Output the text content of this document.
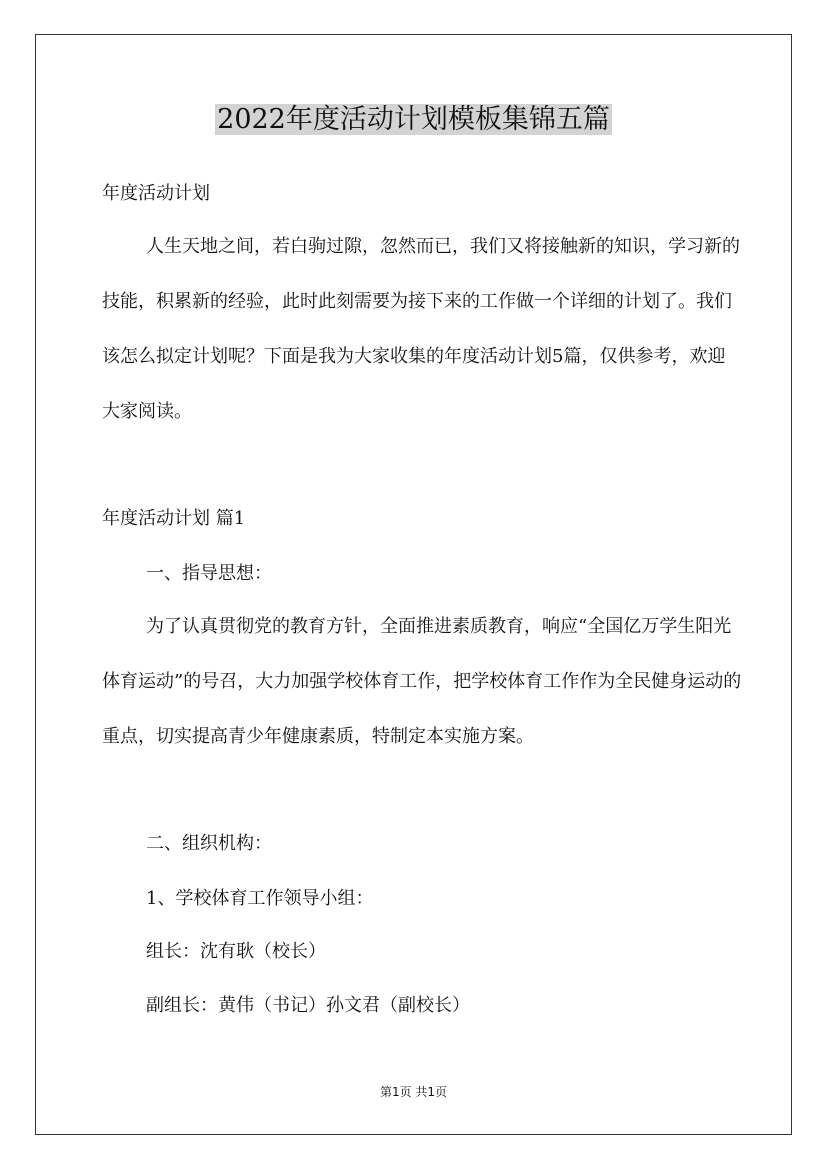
2022年度活动计划模板集锦五篇

年度活动计划

人生天地之间，若白驹过隙，忽然而已，我们又将接触新的知识，学习新的技能，积累新的经验，此时此刻需要为接下来的工作做一个详细的计划了。我们该怎么拟定计划呢？下面是我为大家收集的年度活动计划5篇，仅供参考，欢迎大家阅读。

年度活动计划 篇1

一、指导思想：

为了认真贯彻党的教育方针，全面推进素质教育，响应“全国亿万学生阳光体育运动”的号召，大力加强学校体育工作，把学校体育工作作为全民健身运动的重点，切实提高青少年健康素质，特制定本实施方案。

二、组织机构：

1、学校体育工作领导小组：

组长：沈有耿（校长）

副组长：黄伟（书记）孙文君（副校长）

第1页 共1页
